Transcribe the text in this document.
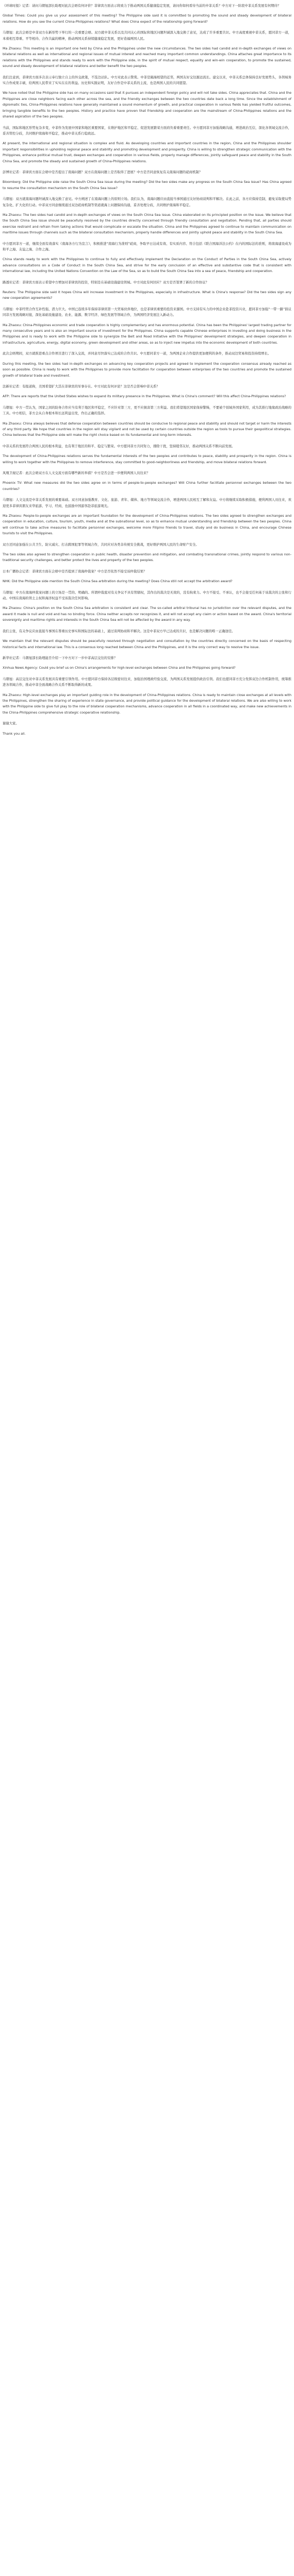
《环球时报》记者：请问马朝旭部长助理对此次会晤有何评价？菲律宾方面表示将致力于推动两国关系健康稳定发展，请问你如何看待当前的中菲关系？中方对下一阶段中菲关系发展有何期待？

Global Times: Could you give us your assessment of this meeting? The Philippine side said it is committed to promoting the sound and steady development of bilateral relations. How do you see the current China-Philippines relations? What does China expect of the relationship going forward?

马朝旭：此次会晤是中菲双方在新形势下举行的一次重要会晤。双方就中菲关系以及共同关心的国际和地区问题坦诚深入地交换了意见，达成了许多重要共识。中方高度重视中菲关系，愿同菲方一道，本着相互尊重、平等相待、合作共赢的精神，推动两国关系持续健康稳定发展，更好造福两国人民。

Ma Zhaoxu: This meeting is an important one held by China and the Philippines under the new circumstances. The two sides had candid and in-depth exchanges of views on bilateral relations as well as international and regional issues of mutual interest and reached many important common understandings. China attaches great importance to its relations with the Philippines and stands ready to work with the Philippine side, in the spirit of mutual respect, equality and win-win cooperation, to promote the sustained, sound and steady development of bilateral relations and better benefit the two peoples.

我们注意到，菲律宾方面多次表示奉行独立自主的外交政策，不选边站队。中方对此表示赞赏。中菲是隔海相望的近邻，两国友好交往源远流长。建交以来，中菲关系总体保持良好发展势头，各领域务实合作成果丰硕，给两国人民带来了实实在在的利益。历史和实践证明，友好合作是中菲关系的主流，也是两国人民的共同愿望。

We have noted that the Philippine side has on many occasions said that it pursues an independent foreign policy and will not take sides. China appreciates that. China and the Philippines are close neighbors facing each other across the sea, and the friendly exchanges between the two countries date back a long time. Since the establishment of diplomatic ties, China-Philippines relations have generally maintained a sound momentum of growth, and practical cooperation in various fields has yielded fruitful outcomes, bringing tangible benefits to the two peoples. History and practice have proven that friendship and cooperation are the mainstream of China-Philippines relations and the shared aspiration of the two peoples.

当前，国际和地区形势复杂多变，中菲作为发展中国家和地区重要国家，在维护地区和平稳定、促进发展繁荣方面肩负着重要责任。中方愿同菲方加强战略沟通，增进政治互信，深化各领域交流合作，妥善管控分歧，共同维护南海和平稳定，推动中菲关系行稳致远。

At present, the international and regional situation is complex and fluid. As developing countries and important countries in the region, China and the Philippines shoulder important responsibilities in upholding regional peace and stability and promoting development and prosperity. China is willing to strengthen strategic communication with the Philippines, enhance political mutual trust, deepen exchanges and cooperation in various fields, properly manage differences, jointly safeguard peace and stability in the South China Sea, and promote the steady and sustained growth of China-Philippines relations.

彭博社记者：菲律宾方面在会晤中是否提出了南海问题？双方在南海问题上是否取得了进展？中方是否同意恢复有关南海问题的磋商机制？

Bloomberg: Did the Philippine side raise the South China Sea issue during the meeting? Did the two sides make any progress on the South China Sea issue? Has China agreed to resume the consultation mechanism on the South China Sea issue?

马朝旭：双方就南海问题坦诚深入地交换了意见。中方阐述了在南海问题上的原则立场。我们认为，南海问题应由直接当事国通过友好协商谈判和平解决。在此之前，各方应保持克制，避免采取使局势复杂化、扩大化的行动。中菲双方同意继续通过双边磋商机制等渠道就海上问题保持沟通，妥善处理分歧，共同维护南海和平稳定。

Ma Zhaoxu: The two sides had candid and in-depth exchanges of views on the South China Sea issue. China elaborated on its principled position on the issue. We believe that the South China Sea issue should be peacefully resolved by the countries directly concerned through friendly consultation and negotiation. Pending that, all parties should exercise restraint and refrain from taking actions that would complicate or escalate the situation. China and the Philippines agreed to continue to maintain communication on maritime issues through channels such as the bilateral consultation mechanism, properly handle differences and jointly uphold peace and stability in the South China Sea.

中方愿同菲方一道，继续全面有效落实《南海各方行为宣言》，积极推进“南海行为准则”磋商，争取早日达成有效、有实质内容、符合包括《联合国海洋法公约》在内的国际法的准则，将南海建设成为和平之海、友谊之海、合作之海。

China stands ready to work with the Philippines to continue to fully and effectively implement the Declaration on the Conduct of Parties in the South China Sea, actively advance consultations on a Code of Conduct in the South China Sea, and strive for the early conclusion of an effective and substantive code that is consistent with international law, including the United Nations Convention on the Law of the Sea, so as to build the South China Sea into a sea of peace, friendship and cooperation.

路透社记者：菲律宾方面表示希望中方增加对菲律宾的投资，特别是在基础设施建设领域。中方对此有何回应？双方是否签署了新的合作协议？

Reuters: The Philippine side said it hopes China will increase investment in the Philippines, especially in infrastructure. What is China's response? Did the two sides sign any new cooperation agreements?

马朝旭：中菲经贸合作互补性强、潜力巨大。中国已连续多年保持菲律宾第一大贸易伙伴地位，也是菲律宾重要的投资来源国。中方支持有实力的中国企业赴菲投资兴业，愿同菲方加强“一带一路”倡议同菲方发展战略对接，深化基础设施建设、农业、能源、数字经济、绿色发展等领域合作，为两国经济发展注入新动力。

Ma Zhaoxu: China-Philippines economic and trade cooperation is highly complementary and has enormous potential. China has been the Philippines' largest trading partner for many consecutive years and is also an important source of investment for the Philippines. China supports capable Chinese enterprises in investing and doing business in the Philippines and is ready to work with the Philippine side to synergize the Belt and Road Initiative with the Philippines' development strategies, and deepen cooperation in infrastructure, agriculture, energy, digital economy, green development and other areas, so as to inject new impetus into the economic development of both countries.

此次会晤期间，双方就推进重点合作项目进行了深入交流，并同意尽快落实已达成的合作共识。中方愿同菲方一道，为两国企业合作提供更加便利的条件，推动双边贸易和投资持续增长。

During this meeting, the two sides had in-depth exchanges on advancing key cooperation projects and agreed to implement the cooperation consensus already reached as soon as possible. China is ready to work with the Philippines to provide more facilitation for cooperation between enterprises of the two countries and promote the sustained growth of bilateral trade and investment.

法新社记者：有报道称，美国希望扩大其在菲律宾的军事存在。中方对此有何评论？这是否会影响中菲关系？

AFP: There are reports that the United States wishes to expand its military presence in the Philippines. What is China's comment? Will this affect China-Philippines relations?

马朝旭：中方一贯认为，国家之间的防务合作应当有利于地区和平稳定，不应针对第三方，更不应损害第三方利益。我们希望地区国家保持警惕，不要被个别域外国家利用，成为其推行地缘政治战略的工具。中方相信，菲方会从自身根本和长远利益出发，作出正确的选择。

Ma Zhaoxu: China always believes that defense cooperation between countries should be conducive to regional peace and stability and should not target or harm the interests of any third party. We hope that countries in the region will stay vigilant and not be used by certain countries outside the region as tools to pursue their geopolitical strategies. China believes that the Philippine side will make the right choice based on its fundamental and long-term interests.

中菲关系的发展符合两国人民的根本利益，也有利于地区的和平、稳定与繁荣。中方愿同菲方共同努力，排除干扰，坚持睦邻友好，推动两国关系不断向前发展。

The development of China-Philippines relations serves the fundamental interests of the two peoples and contributes to peace, stability and prosperity in the region. China is willing to work together with the Philippines to remove interference, stay committed to good-neighborliness and friendship, and move bilateral relations forward.

凤凰卫视记者：此次会晤双方在人文交流方面有哪些新的举措？中方是否会进一步便利两国人员往来？

Phoenix TV: What new measures did the two sides agree on in terms of people-to-people exchanges? Will China further facilitate personnel exchanges between the two countries?

马朝旭：人文交流是中菲关系发展的重要基础。双方同意加强教育、文化、旅游、青年、媒体、地方等领域交流合作，增进两国人民相互了解和友谊。中方将继续采取积极措施，便利两国人员往来，欢迎更多菲律宾朋友来华旅游、学习、经商，也鼓励中国游客赴菲旅游观光。

Ma Zhaoxu: People-to-people exchanges are an important foundation for the development of China-Philippines relations. The two sides agreed to strengthen exchanges and cooperation in education, culture, tourism, youth, media and at the subnational level, so as to enhance mutual understanding and friendship between the two peoples. China will continue to take active measures to facilitate personnel exchanges, welcome more Filipino friends to travel, study and do business in China, and encourage Chinese tourists to visit the Philippines.

双方还同意加强在公共卫生、防灾减灾、打击跨国犯罪等领域合作，共同应对各类非传统安全挑战，更好维护两国人民的生命财产安全。

The two sides also agreed to strengthen cooperation in public health, disaster prevention and mitigation, and combating transnational crimes, jointly respond to various non-traditional security challenges, and better protect the lives and property of the two peoples.

日本广播协会记者：菲律宾方面在会晤中是否提到了南海仲裁案？中方是否依然不接受该仲裁结果？

NHK: Did the Philippine side mention the South China Sea arbitration during the meeting? Does China still not accept the arbitration award?

马朝旭：中方在南海仲裁案问题上的立场是一贯的、明确的。所谓仲裁庭对有关争议不具有管辖权，其作出的裁决是无效的，没有拘束力。中方不接受、不承认，也不会接受任何基于该裁决的主张和行动。中国在南海的领土主权和海洋权益不受该裁决任何影响。

Ma Zhaoxu: China's position on the South China Sea arbitration is consistent and clear. The so-called arbitral tribunal has no jurisdiction over the relevant disputes, and the award it made is null and void and has no binding force. China neither accepts nor recognizes it, and will not accept any claim or action based on the award. China's territorial sovereignty and maritime rights and interests in the South China Sea will not be affected by the award in any way.

我们主张，有关争议应由直接当事国在尊重历史事实和国际法的基础上，通过谈判协商和平解决。这是中菲双方早已达成的共识，也是解决问题的唯一正确途径。

We maintain that the relevant disputes should be peacefully resolved through negotiation and consultation by the countries directly concerned on the basis of respecting historical facts and international law. This is a consensus long reached between China and the Philippines, and it is the only correct way to resolve the issue.

新华社记者：马朝旭部长助理能否介绍一下中方对下一步中菲高层交往的安排？

Xinhua News Agency: Could you brief us on China's arrangements for high-level exchanges between China and the Philippines going forward?

马朝旭：高层交往对中菲关系发展具有重要引领作用。中方愿同菲方保持各层级密切往来，加强治国理政经验交流，为两国关系发展提供政治引领。我们也愿同菲方充分发挥双边合作机制作用，统筹推进各领域合作，推动中菲全面战略合作关系不断取得新的成果。

Ma Zhaoxu: High-level exchanges play an important guiding role in the development of China-Philippines relations. China is ready to maintain close exchanges at all levels with the Philippines, strengthen the sharing of experience in state governance, and provide political guidance for the development of bilateral relations. We are also willing to work with the Philippine side to give full play to the role of bilateral cooperation mechanisms, advance cooperation in all fields in a coordinated way, and make new achievements in the China-Philippines comprehensive strategic cooperative relationship.

谢谢大家。

Thank you all.
